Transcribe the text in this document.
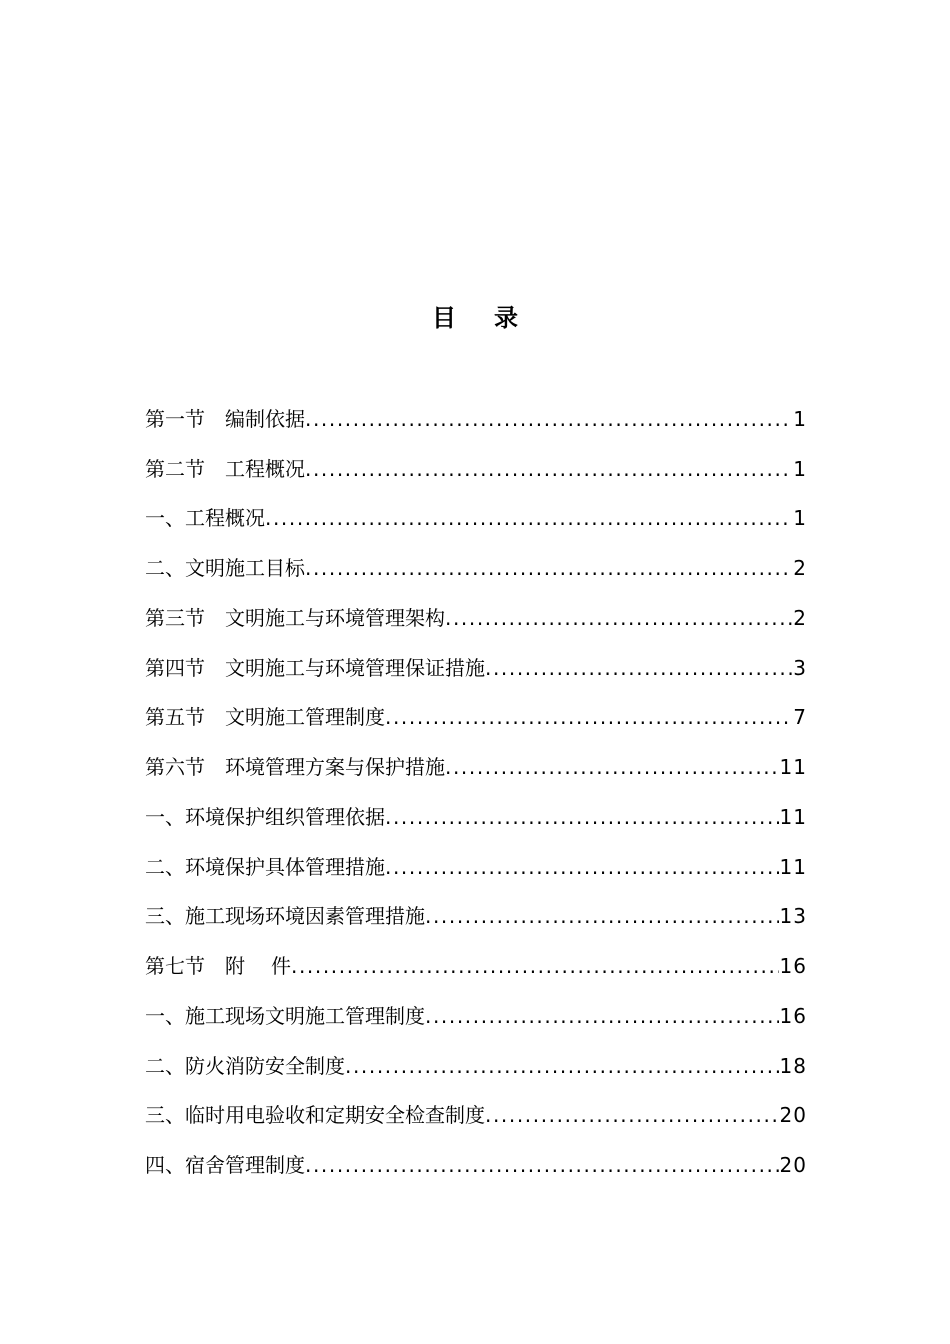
目 录
第一节 编制依据 .....	1
第二节 工程概况 .....	1
一、工程概况 .....	1
二、文明施工目标 .....	2
第三节 文明施工与环境管理架构 .....	2
第四节 文明施工与环境管理保证措施 .....	3
第五节 文明施工管理制度 .....	7
第六节 环境管理方案与保护措施 .....	11
一、环境保护组织管理依据 .....	11
二、环境保护具体管理措施 .....	11
三、施工现场环境因素管理措施 .....	13
第七节 附 件 .....	16
一、施工现场文明施工管理制度 .....	16
二、防火消防安全制度 .....	18
三、临时用电验收和定期安全检查制度 .....	20
四、宿舍管理制度 .....	20
